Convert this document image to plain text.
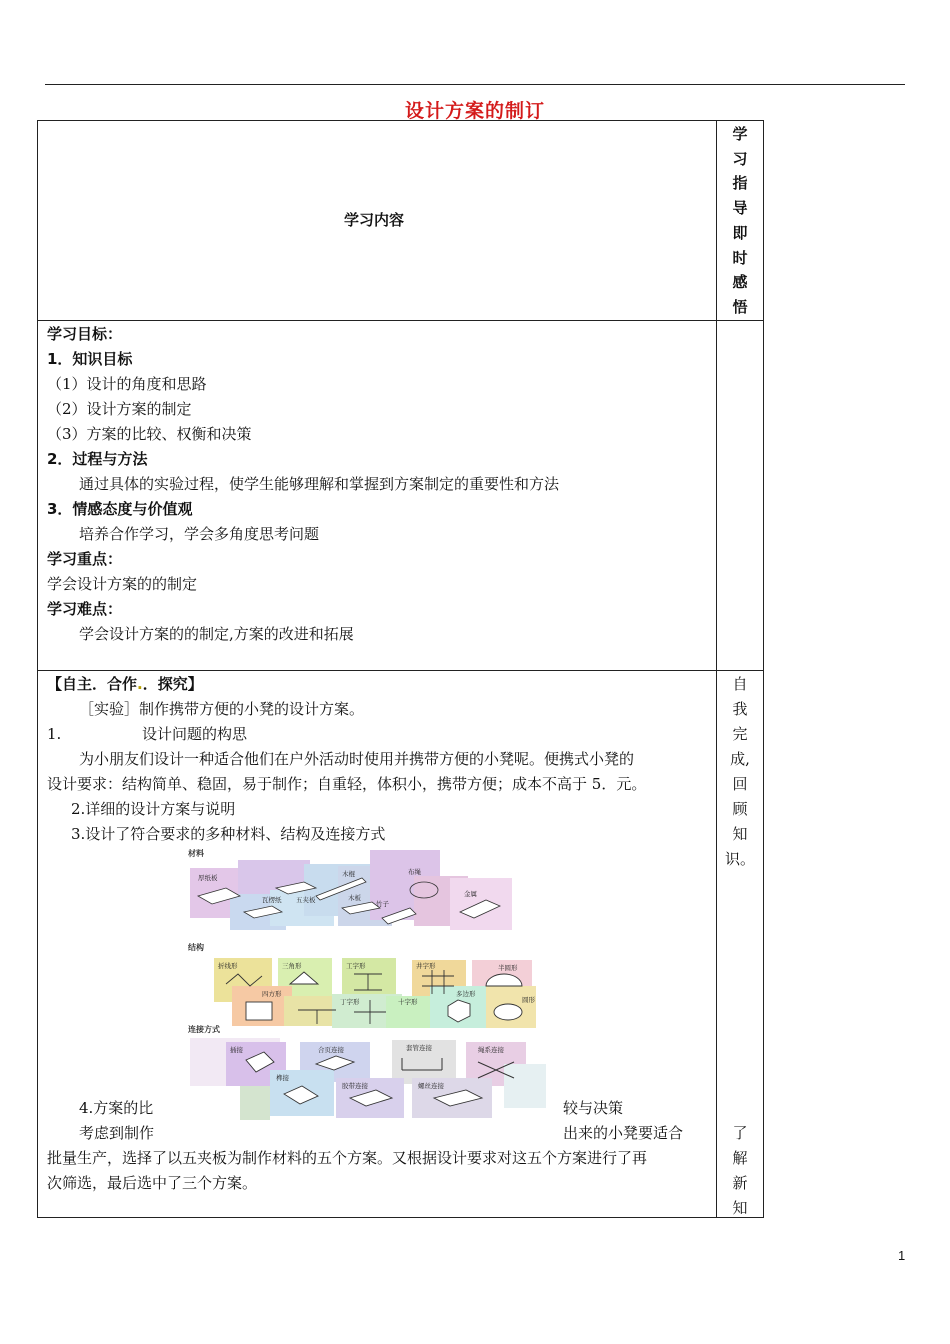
设计方案的制订
学习内容
学
习
指
导
即
时
感
悟
学习目标：
1．知识目标
（1）设计的角度和思路
（2）设计方案的制定
（3）方案的比较、权衡和决策
2．过程与方法
通过具体的实验过程，使学生能够理解和掌握到方案制定的重要性和方法
3．情感态度与价值观
培养合作学习，学会多角度思考问题
学习重点：
学会设计方案的的制定
学习难点：
学会设计方案的的制定,方案的改进和拓展
【自主．合作.．探究】
［实验］制作携带方便的小凳的设计方案。
1.	设计问题的构思
为小朋友们设计一种适合他们在户外活动时使用并携带方便的小凳呢。便携式小凳的
设计要求：结构简单、稳固，易于制作；自重轻，体积小，携带方便；成本不高于 5．元。
2.详细的设计方案与说明
3.设计了符合要求的多种材料、结构及连接方式
4.方案的比	较与决策
考虑到制作	出来的小凳要适合
批量生产，选择了以五夹板为制作材料的五个方案。又根据设计要求对这五个方案进行了再
次筛选，最后选中了三个方案。
自
我
完
成,
回
顾
知
识。
了
解
新
知
材料
厚纸板
瓦楞纸 五夹板	木板
木棍	布绳
竹子
金属
结构
折线形	三角形	工字形	井字形	半圆形
四方形
丁字形	十字形
多边形
圆形
连接方式
插接	合页连接	套管连接	绳系连接
榫接
胶带连接	螺丝连接
1
